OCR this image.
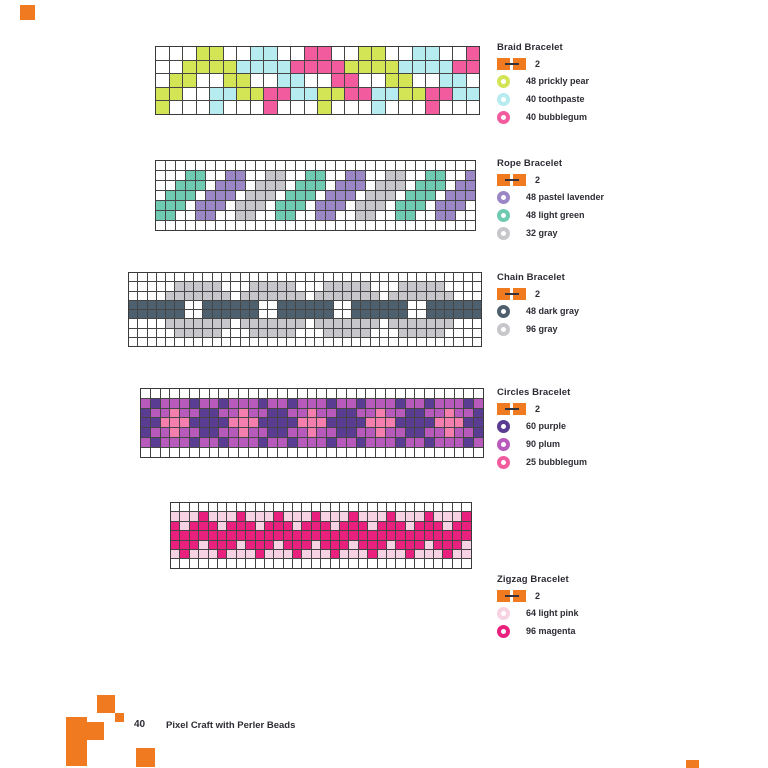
Braid Bracelet
2
48 prickly pear
40 toothpaste
40 bubblegum
Rope Bracelet
2
48 pastel lavender
48 light green
32 gray
Chain Bracelet
2
48 dark gray
96 gray
Circles Bracelet
2
60 purple
90 plum
25 bubblegum
Zigzag Bracelet
2
64 light pink
96 magenta
40 Pixel Craft with Perler Beads
